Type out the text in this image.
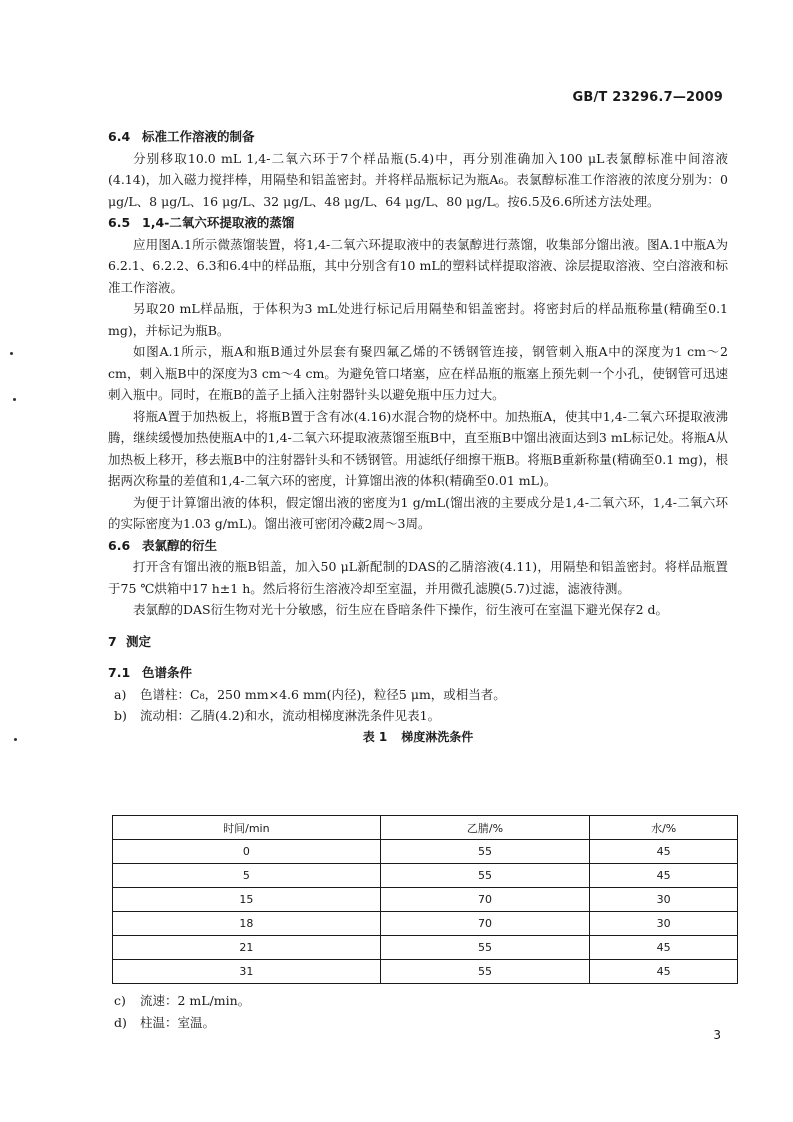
GB/T 23296.7—2009

6.4 标准工作溶液的制备

分别移取10.0 mL 1,4-二氧六环于7个样品瓶(5.4)中，再分别准确加入100 μL表氯醇标准中间溶液(4.14)，加入磁力搅拌棒，用隔垫和铝盖密封。并将样品瓶标记为瓶A₆。表氯醇标准工作溶液的浓度分别为：0 μg/L、8 μg/L、16 μg/L、32 μg/L、48 μg/L、64 μg/L、80 μg/L。按6.5及6.6所述方法处理。

6.5 1,4-二氧六环提取液的蒸馏

应用图A.1所示微蒸馏装置，将1,4-二氧六环提取液中的表氯醇进行蒸馏，收集部分馏出液。图A.1中瓶A为6.2.1、6.2.2、6.3和6.4中的样品瓶，其中分别含有10 mL的塑料试样提取溶液、涂层提取溶液、空白溶液和标准工作溶液。

另取20 mL样品瓶，于体积为3 mL处进行标记后用隔垫和铝盖密封。将密封后的样品瓶称量(精确至0.1 mg)，并标记为瓶B。

如图A.1所示，瓶A和瓶B通过外层套有聚四氟乙烯的不锈钢管连接，钢管刺入瓶A中的深度为1 cm～2 cm，刺入瓶B中的深度为3 cm～4 cm。为避免管口堵塞，应在样品瓶的瓶塞上预先刺一个小孔，使钢管可迅速刺入瓶中。同时，在瓶B的盖子上插入注射器针头以避免瓶中压力过大。

将瓶A置于加热板上，将瓶B置于含有冰(4.16)水混合物的烧杯中。加热瓶A，使其中1,4-二氧六环提取液沸腾，继续缓慢加热使瓶A中的1,4-二氧六环提取液蒸馏至瓶B中，直至瓶B中馏出液面达到3 mL标记处。将瓶A从加热板上移开，移去瓶B中的注射器针头和不锈钢管。用滤纸仔细擦干瓶B。将瓶B重新称量(精确至0.1 mg)，根据两次称量的差值和1,4-二氧六环的密度，计算馏出液的体积(精确至0.01 mL)。

为便于计算馏出液的体积，假定馏出液的密度为1 g/mL(馏出液的主要成分是1,4-二氧六环，1,4-二氧六环的实际密度为1.03 g/mL)。馏出液可密闭冷藏2周～3周。

6.6 表氯醇的衍生

打开含有馏出液的瓶B铝盖，加入50 μL新配制的DAS的乙腈溶液(4.11)，用隔垫和铝盖密封。将样品瓶置于75 ℃烘箱中17 h±1 h。然后将衍生溶液冷却至室温，并用微孔滤膜(5.7)过滤，滤液待测。

表氯醇的DAS衍生物对光十分敏感，衍生应在昏暗条件下操作，衍生液可在室温下避光保存2 d。

7 测定

7.1 色谱条件

a) 色谱柱：C₈，250 mm×4.6 mm(内径)，粒径5 μm，或相当者。

b) 流动相：乙腈(4.2)和水，流动相梯度淋洗条件见表1。

表 1 梯度淋洗条件

时间/min	乙腈/%	水/%
0	55	45
5	55	45
15	70	30
18	70	30
21	55	45
31	55	45

c) 流速：2 mL/min。

d) 柱温：室温。

3
